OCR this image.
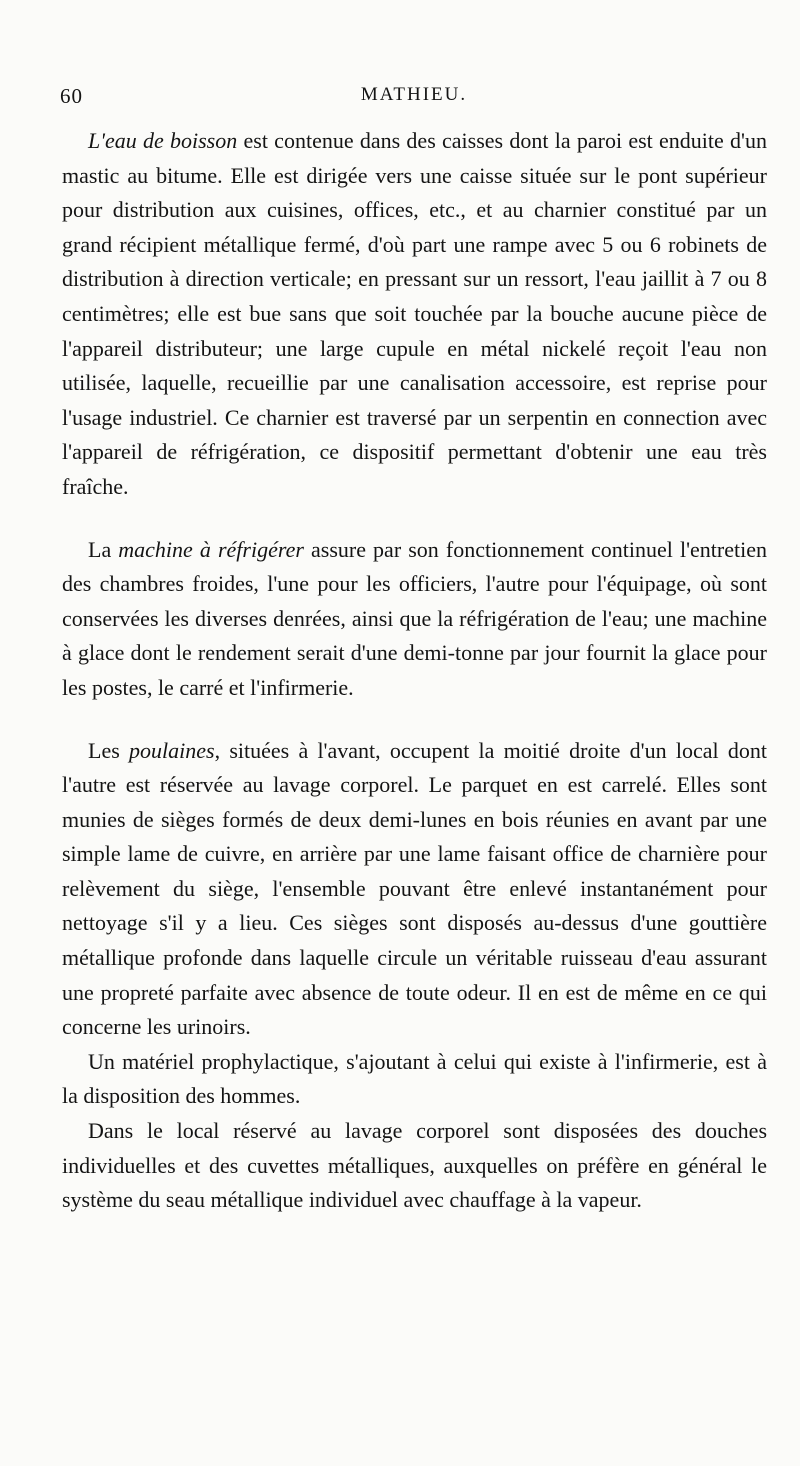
60	MATHIEU.

L'eau de boisson est contenue dans des caisses dont la paroi est enduite d'un mastic au bitume. Elle est dirigée vers une caisse située sur le pont supérieur pour distribution aux cuisines, offices, etc., et au charnier constitué par un grand récipient métallique fermé, d'où part une rampe avec 5 ou 6 robinets de distribution à direction verticale; en pressant sur un ressort, l'eau jaillit à 7 ou 8 centimètres; elle est bue sans que soit touchée par la bouche aucune pièce de l'appareil distributeur; une large cupule en métal nickelé reçoit l'eau non utilisée, laquelle, recueillie par une canalisation accessoire, est reprise pour l'usage industriel. Ce charnier est traversé par un serpentin en connection avec l'appareil de réfrigération, ce dispositif permettant d'obtenir une eau très fraîche.

La machine à réfrigérer assure par son fonctionnement continuel l'entretien des chambres froides, l'une pour les officiers, l'autre pour l'équipage, où sont conservées les diverses denrées, ainsi que la réfrigération de l'eau; une machine à glace dont le rendement serait d'une demi-tonne par jour fournit la glace pour les postes, le carré et l'infirmerie.

Les poulaines, situées à l'avant, occupent la moitié droite d'un local dont l'autre est réservée au lavage corporel. Le parquet en est carrelé. Elles sont munies de sièges formés de deux demi-lunes en bois réunies en avant par une simple lame de cuivre, en arrière par une lame faisant office de charnière pour relèvement du siège, l'ensemble pouvant être enlevé instantanément pour nettoyage s'il y a lieu. Ces sièges sont disposés au-dessus d'une gouttière métallique profonde dans laquelle circule un véritable ruisseau d'eau assurant une propreté parfaite avec absence de toute odeur. Il en est de même en ce qui concerne les urinoirs.

Un matériel prophylactique, s'ajoutant à celui qui existe à l'infirmerie, est à la disposition des hommes.

Dans le local réservé au lavage corporel sont disposées des douches individuelles et des cuvettes métalliques, auxquelles on préfère en général le système du seau métallique individuel avec chauffage à la vapeur.
